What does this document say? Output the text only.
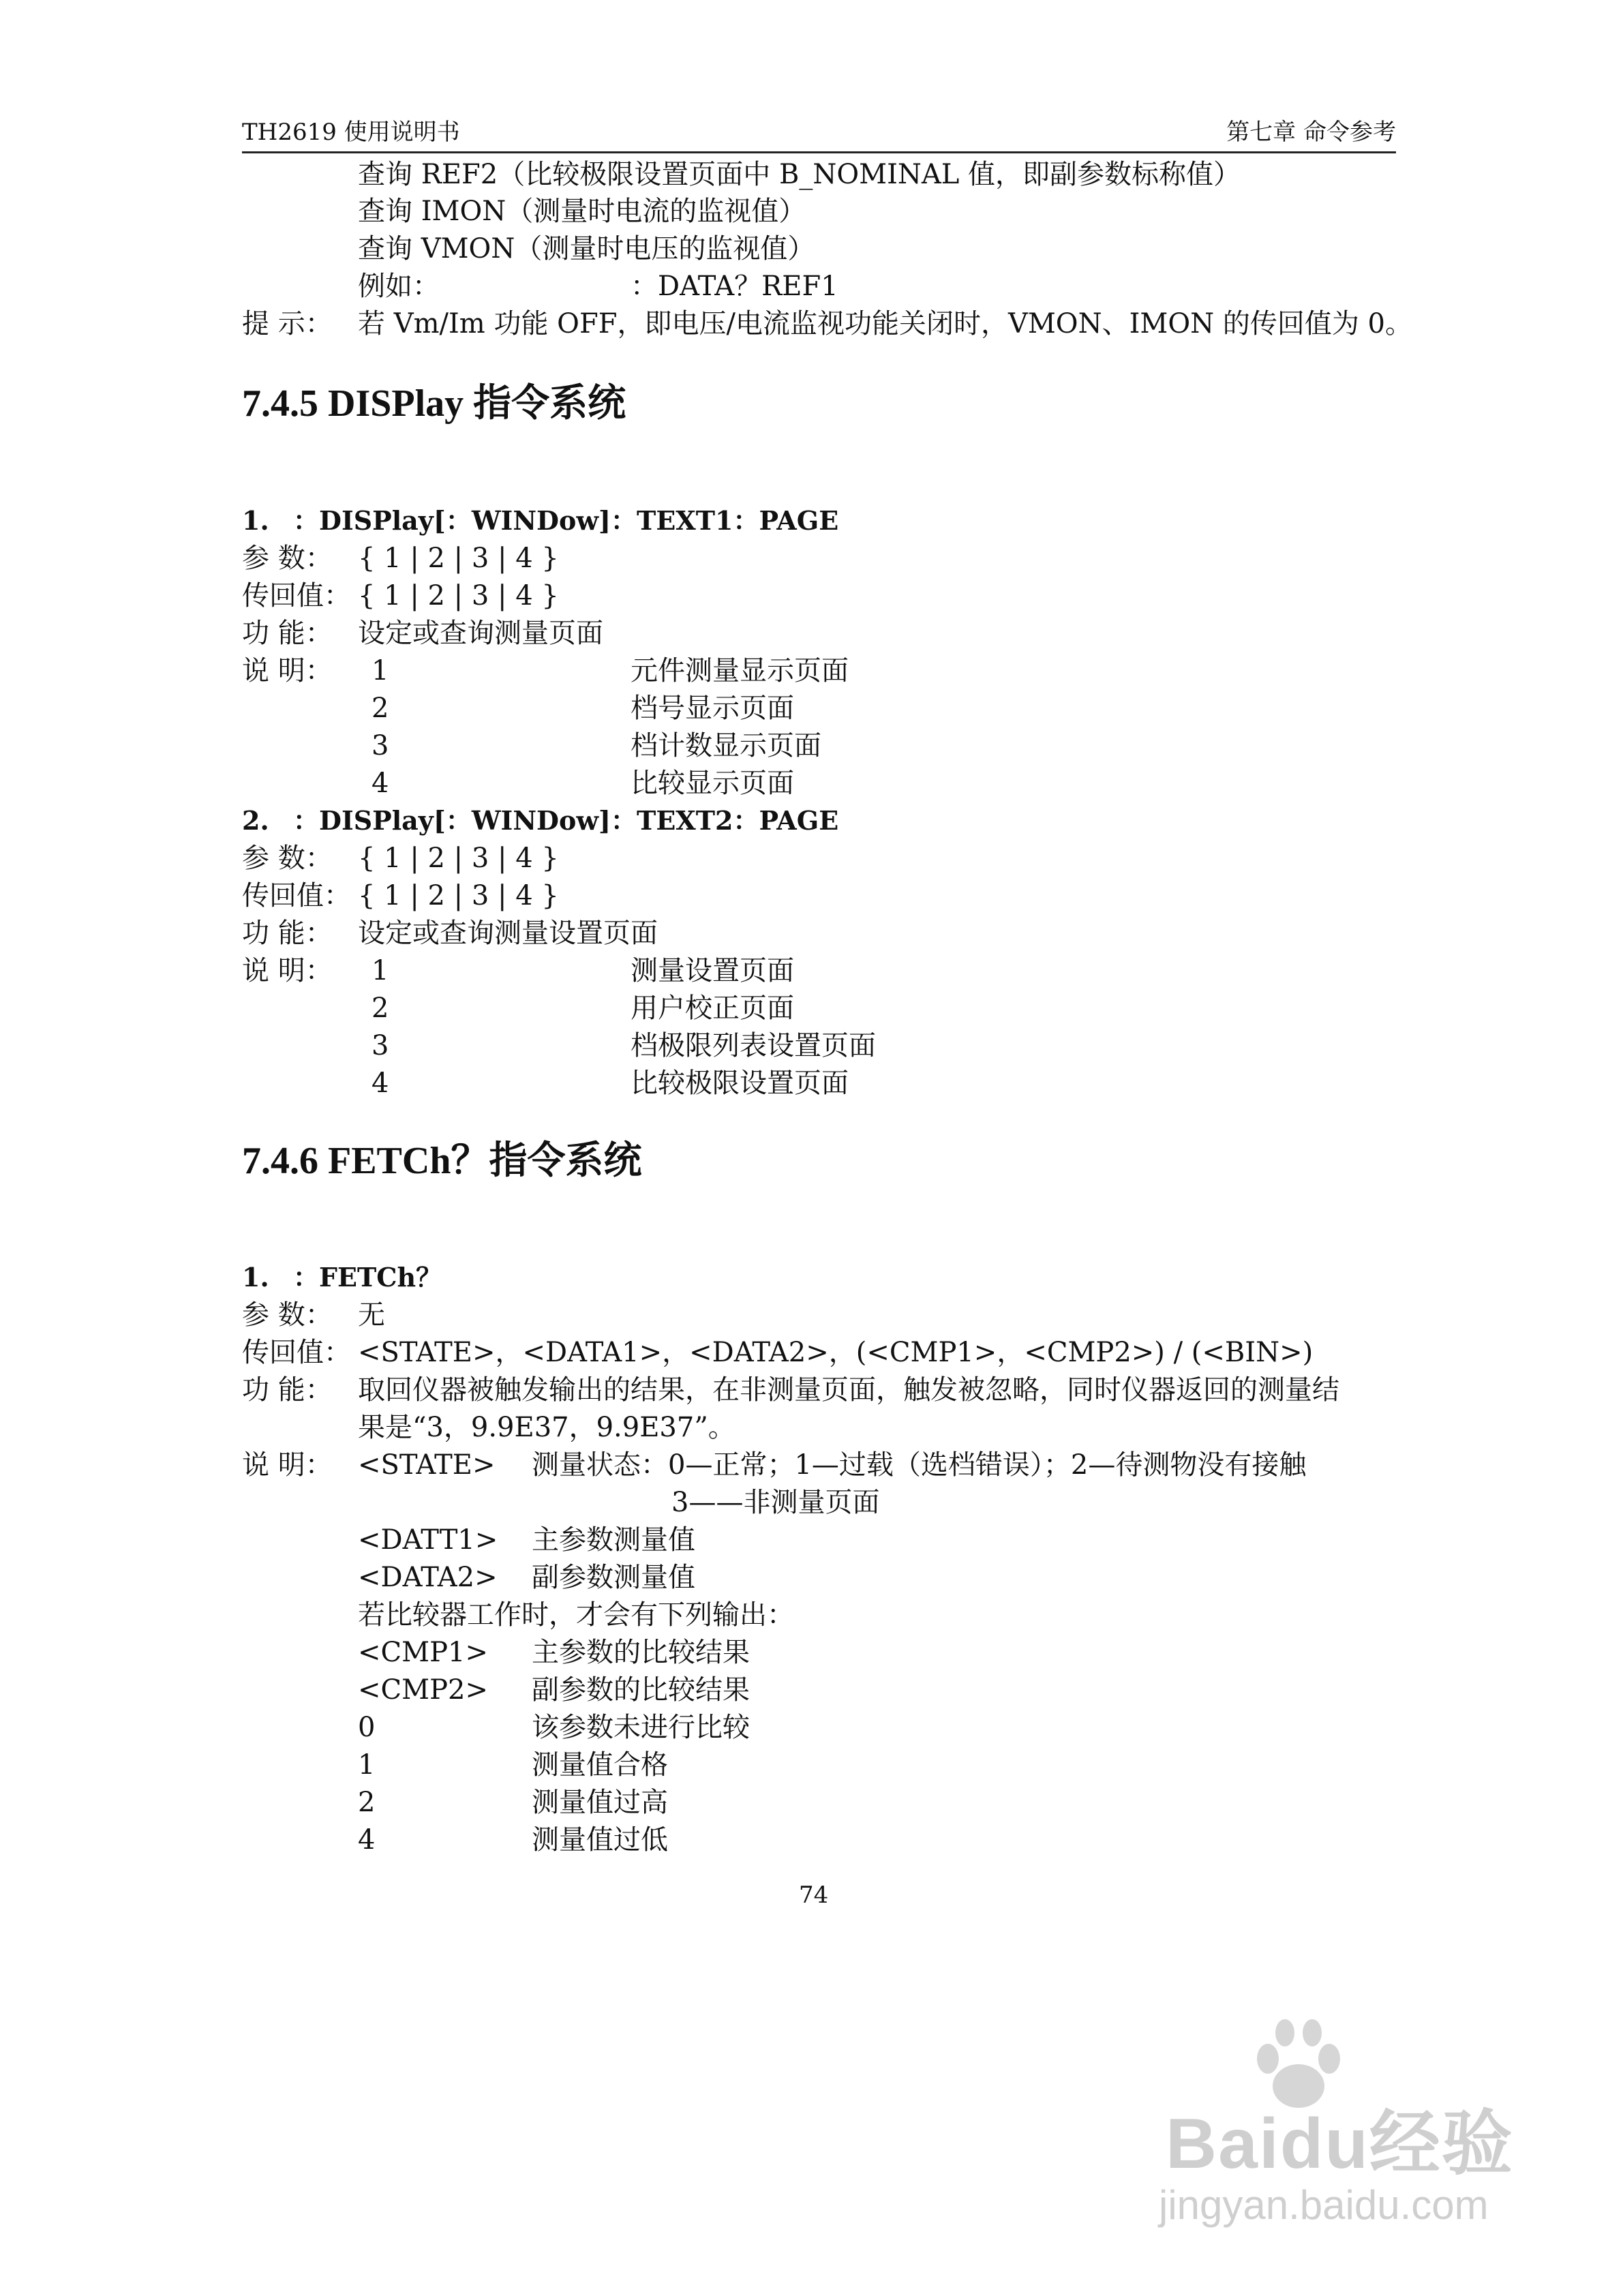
TH2619 使用说明书	第七章 命令参考
查询 REF2（比较极限设置页面中 B_NOMINAL 值，即副参数标称值）
查询 IMON（测量时电流的监视值）
查询 VMON（测量时电压的监视值）
例如：	：DATA？REF1
提 示： 若 Vm/Im 功能 OFF，即电压/电流监视功能关闭时，VMON、IMON 的传回值为 0。
7.4.5 DISPlay 指令系统
1. ：DISPlay[：WINDow]：TEXT1：PAGE
参 数： { 1 | 2 | 3 | 4 }
传回值： { 1 | 2 | 3 | 4 }
功 能： 设定或查询测量页面
说 明： 1	元件测量显示页面
2	档号显示页面
3	档计数显示页面
4	比较显示页面
2. ：DISPlay[：WINDow]：TEXT2：PAGE
参 数： { 1 | 2 | 3 | 4 }
传回值： { 1 | 2 | 3 | 4 }
功 能： 设定或查询测量设置页面
说 明： 1	测量设置页面
2	用户校正页面
3	档极限列表设置页面
4	比较极限设置页面
7.4.6 FETCh？指令系统
1. ：FETCh？
参 数： 无
传回值： <STATE>，<DATA1>，<DATA2>，(<CMP1>，<CMP2>) / (<BIN>)
功 能： 取回仪器被触发输出的结果，在非测量页面，触发被忽略，同时仪器返回的测量结
果是“3，9.9E37，9.9E37”。
说 明： <STATE> 测量状态：0—正常；1—过载（选档错误）；2—待测物没有接触
3——非测量页面
<DATT1> 主参数测量值
<DATA2> 副参数测量值
若比较器工作时，才会有下列输出：
<CMP1> 主参数的比较结果
<CMP2> 副参数的比较结果
0	该参数未进行比较
1	测量值合格
2	测量值过高
4	测量值过低
74
Baidu经验
jingyan.baidu.com
